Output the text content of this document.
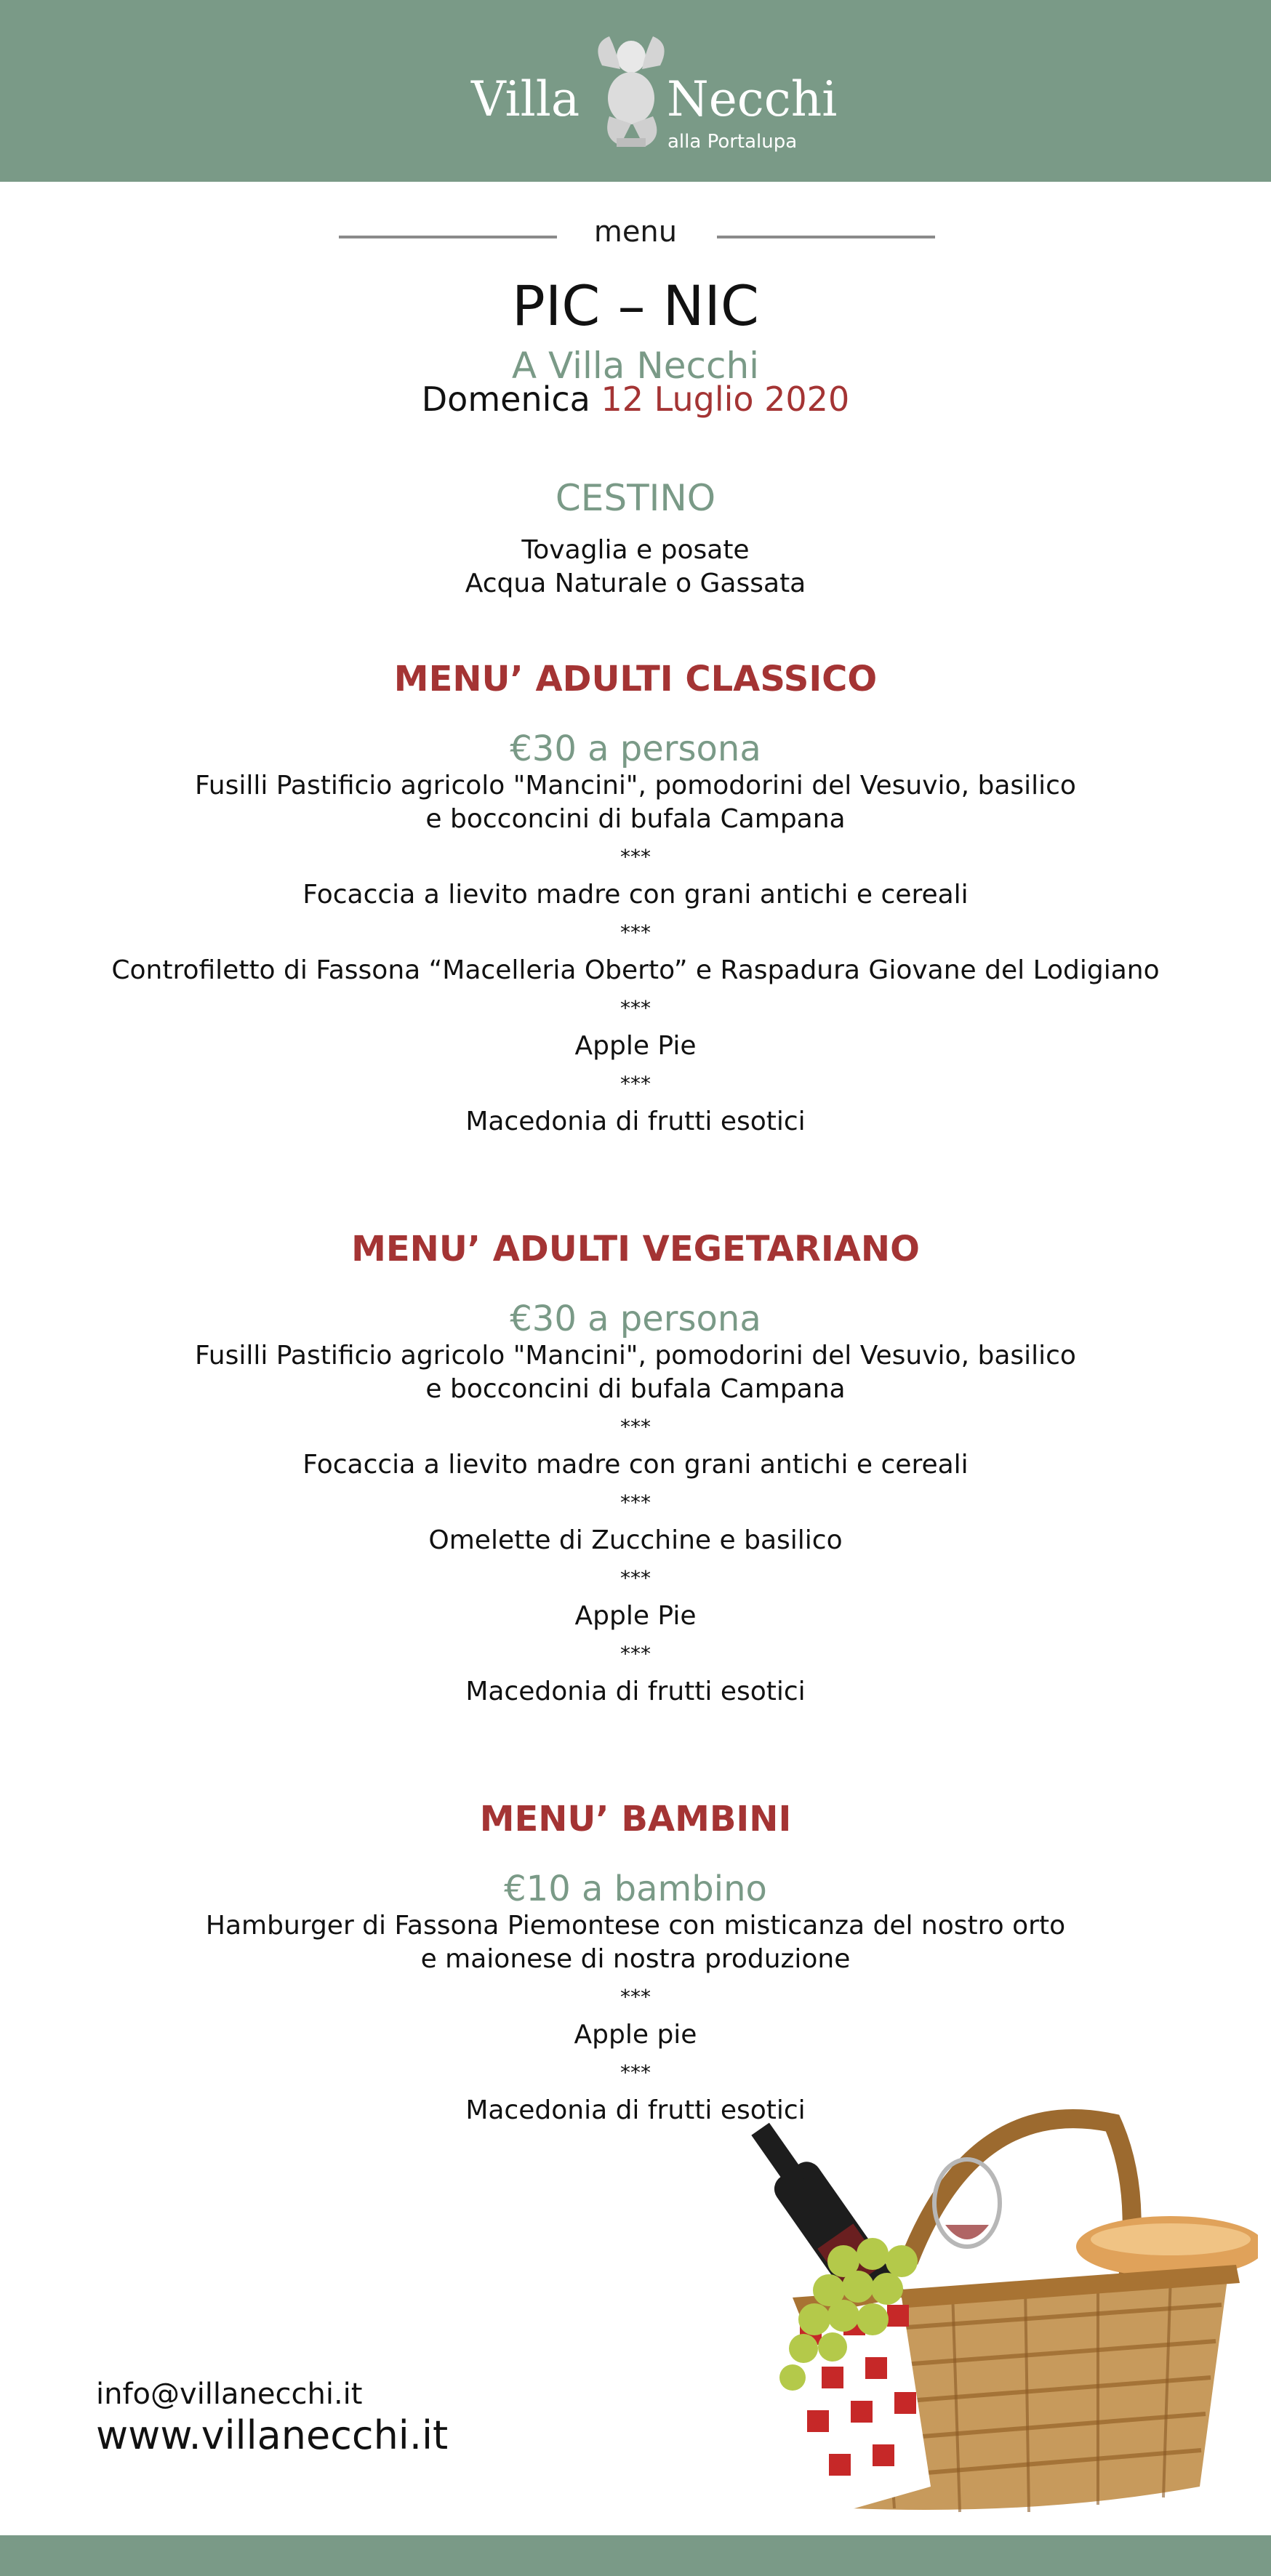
Villa Necchi
alla Portalupa
menu
PIC – NIC
A Villa Necchi
Domenica 12 Luglio 2020
CESTINO
Tovaglia e posate
Acqua Naturale o Gassata
MENU’ ADULTI CLASSICO
€30 a persona
Fusilli Pastificio agricolo "Mancini", pomodorini del Vesuvio, basilico
e bocconcini di bufala Campana
***
Focaccia a lievito madre con grani antichi e cereali
***
Controfiletto di Fassona “Macelleria Oberto” e Raspadura Giovane del Lodigiano
***
Apple Pie
***
Macedonia di frutti esotici
MENU’ ADULTI VEGETARIANO
€30 a persona
Fusilli Pastificio agricolo "Mancini", pomodorini del Vesuvio, basilico
e bocconcini di bufala Campana
***
Focaccia a lievito madre con grani antichi e cereali
***
Omelette di Zucchine e basilico
***
Apple Pie
***
Macedonia di frutti esotici
MENU’ BAMBINI
€10 a bambino
Hamburger di Fassona Piemontese con misticanza del nostro orto
e maionese di nostra produzione
***
Apple pie
***
Macedonia di frutti esotici
info@villanecchi.it
www.villanecchi.it
